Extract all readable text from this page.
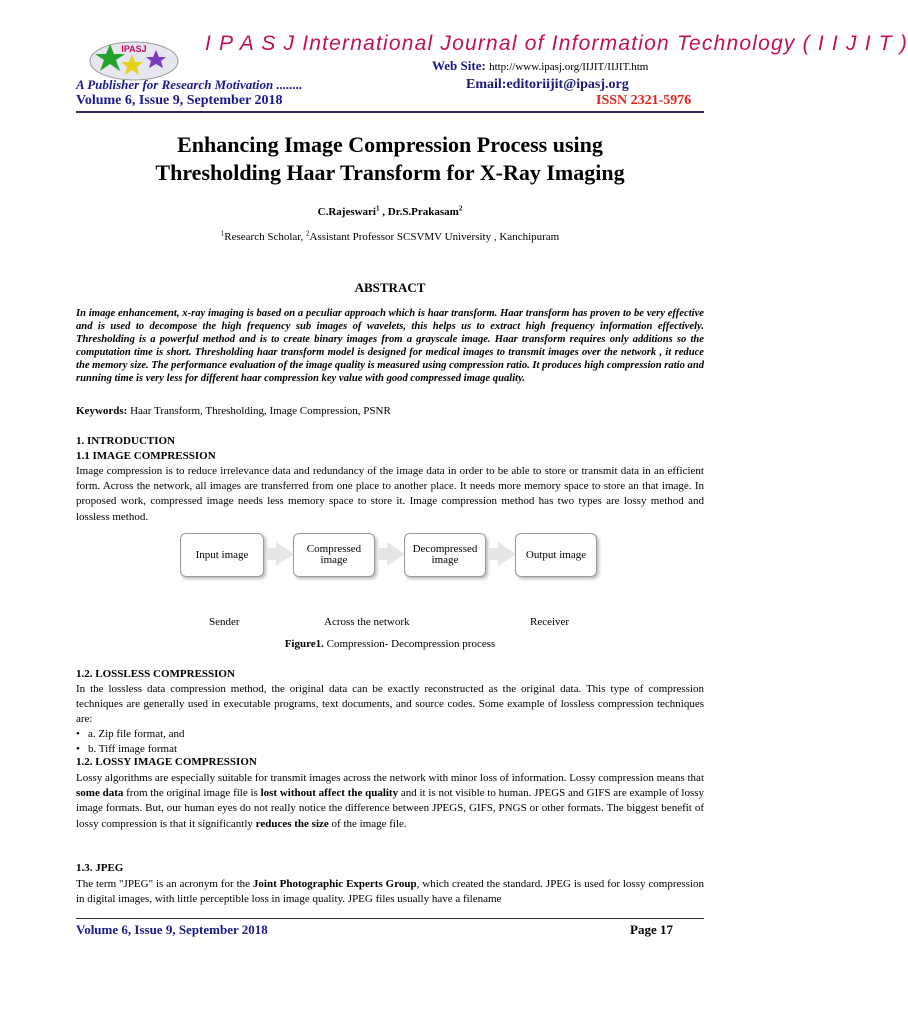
I P A S J International Journal of Information Technology ( I I J I T )
IPASJ
Web Site: http://www.ipasj.org/IIJIT/IIJIT.htm
A Publisher for Research Motivation ........	Email:editoriijit@ipasj.org
Volume 6, Issue 9, September 2018	ISSN 2321-5976
Enhancing Image Compression Process using
Thresholding Haar Transform for X-Ray Imaging
C.Rajeswari$^1$ , Dr.S.Prakasam$^2$
$^1$Research Scholar, $^2$Assistant Professor SCSVMV University , Kanchipuram
ABSTRACT
In image enhancement, x-ray imaging is based on a peculiar approach which is haar transform. Haar transform has proven to be very effective and is used to decompose the high frequency sub images of wavelets, this helps us to extract high frequency information effectively. Thresholding is a powerful method and is to create binary images from a grayscale image. Haar transform requires only additions so the computation time is short. Thresholding haar transform model is designed for medical images to transmit images over the network , it reduce the memory size. The performance evaluation of the image quality is measured using compression ratio. It produces high compression ratio and running time is very less for different haar compression key value with good compressed image quality.
Keywords: Haar Transform, Thresholding, Image Compression, PSNR
1. INTRODUCTION
1.1 IMAGE COMPRESSION
Image compression is to reduce irrelevance data and redundancy of the image data in order to be able to store or transmit data in an efficient form. Across the network, all images are transferred from one place to another place. It needs more memory space to store an that image. In proposed work, compressed image needs less memory space to store it. Image compression method has two types are lossy method and lossless method.
Input image	Compressed image
Decompressed image	Output image
Sender	Across the network	Receiver
Figure1. Compression- Decompression process
1.2. LOSSLESS COMPRESSION
In the lossless data compression method, the original data can be exactly reconstructed as the original data. This type of compression techniques are generally used in executable programs, text documents, and source codes. Some example of lossless compression techniques are:
• a. Zip file format, and
• b. Tiff image format
1.2. LOSSY IMAGE COMPRESSION
Lossy algorithms are especially suitable for transmit images across the network with minor loss of information. Lossy compression means that some data from the original image file is lost without affect the quality and it is not visible to human. JPEGS and GIFS are example of lossy image formats. But, our human eyes do not really notice the difference between JPEGS, GIFS, PNGS or other formats. The biggest benefit of lossy compression is that it significantly reduces the size of the image file.
1.3. JPEG
The term "JPEG" is an acronym for the Joint Photographic Experts Group, which created the standard. JPEG is used for lossy compression in digital images, with little perceptible loss in image quality. JPEG files usually have a filename
Volume 6, Issue 9, September 2018	Page 17
